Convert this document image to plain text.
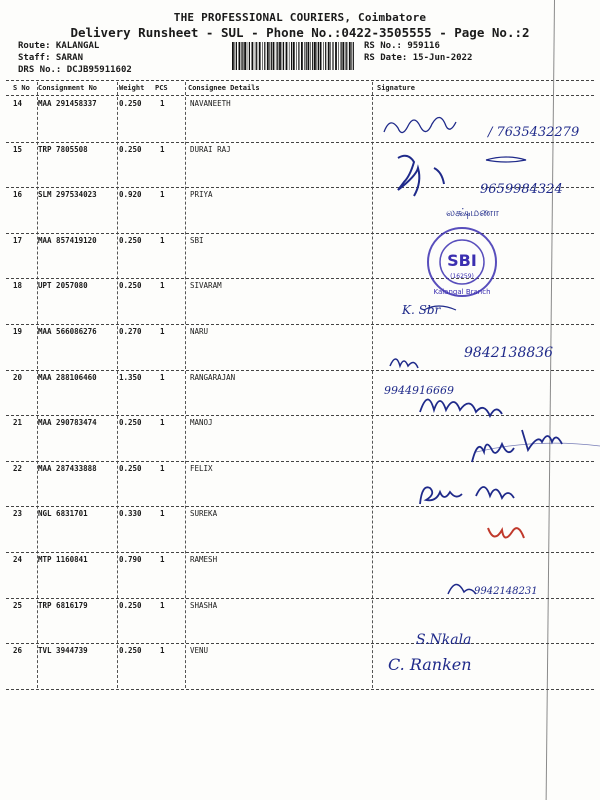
THE PROFESSIONAL COURIERS, Coimbatore
Delivery Runsheet - SUL - Phone No.:0422-3505555 - Page No.:2
Route: KALANGAL
Staff: SARAN
DRS No.: DCJB95911602
RS No.: 959116
RS Date: 15-Jun-2022
S No Consignment No	Weight PCS	Consignee Details	Signature
14 MAA 291458337	0.250 1	NAVANEETH
15 TRP 7805508	0.250 1	DURAI RAJ
16 SLM 297534023	0.920 1	PRIYA
17 MAA 857419120	0.250 1	SBI
18 UPT 2057080	0.250 1	SIVARAM
19 MAA 566086276	0.270 1	NARU
20 MAA 288106460	1.350 1	RANGARAJAN
21 MAA 290783474	0.250 1	MANOJ
22 MAA 287433888	0.250 1	FELIX
23 NGL 6831701	0.330 1	SUREKA
24 MTP 1160841	0.790 1	RAMESH
25 TRP 6816179	0.250 1	SHASHA
26 TVL 3944739	0.250 1	VENU
/ 7635432279
9659984324
லக்ஷ்மணா
SBI
(16259)
Kalangal Branch
K. Sbr
9842138836
9944916669
9942148231
S.Nkala
C. Ranken
